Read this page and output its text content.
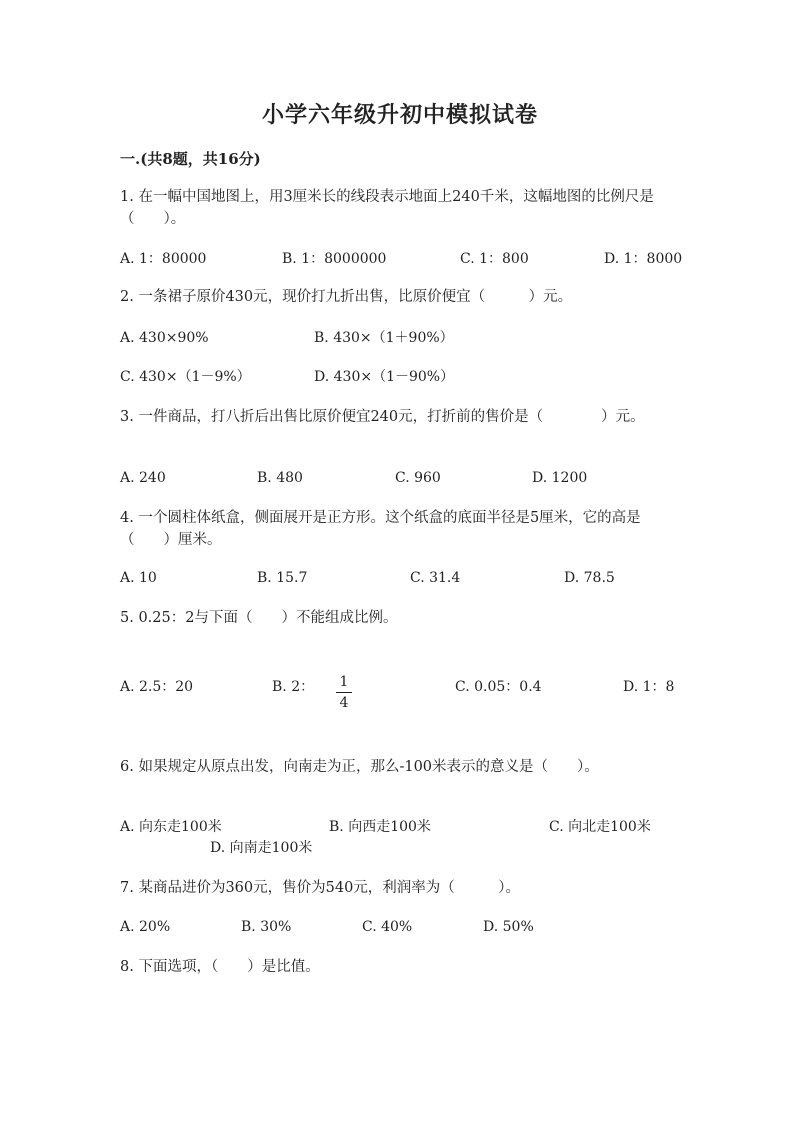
小学六年级升初中模拟试卷
一.(共8题，共16分)
1. 在一幅中国地图上，用3厘米长的线段表示地面上240千米，这幅地图的比例尺是（　　）。
A. 1：80000	B. 1：8000000	C. 1：800	D. 1：8000
2. 一条裙子原价430元，现价打九折出售，比原价便宜（　　　）元。
A. 430×90%	B. 430×（1＋90%）
C. 430×（1－9%）	D. 430×（1－90%）
3. 一件商品，打八折后出售比原价便宜240元，打折前的售价是（　　　　）元。
A. 240	B. 480	C. 960	D. 1200
4. 一个圆柱体纸盒，侧面展开是正方形。这个纸盒的底面半径是5厘米，它的高是（　　）厘米。
A. 10	B. 15.7	C. 31.4	D. 78.5
5. 0.25：2与下面（　　）不能组成比例。
A. 2.5：20	B. 2： 1
4
C. 0.05：0.4	D. 1：8
6. 如果规定从原点出发，向南走为正，那么-100米表示的意义是（　　）。
A. 向东走100米	B. 向西走100米	C. 向北走100米
D. 向南走100米
7. 某商品进价为360元，售价为540元，利润率为（　　　）。
A. 20%	B. 30%	C. 40%	D. 50%
8. 下面选项，（　　）是比值。
